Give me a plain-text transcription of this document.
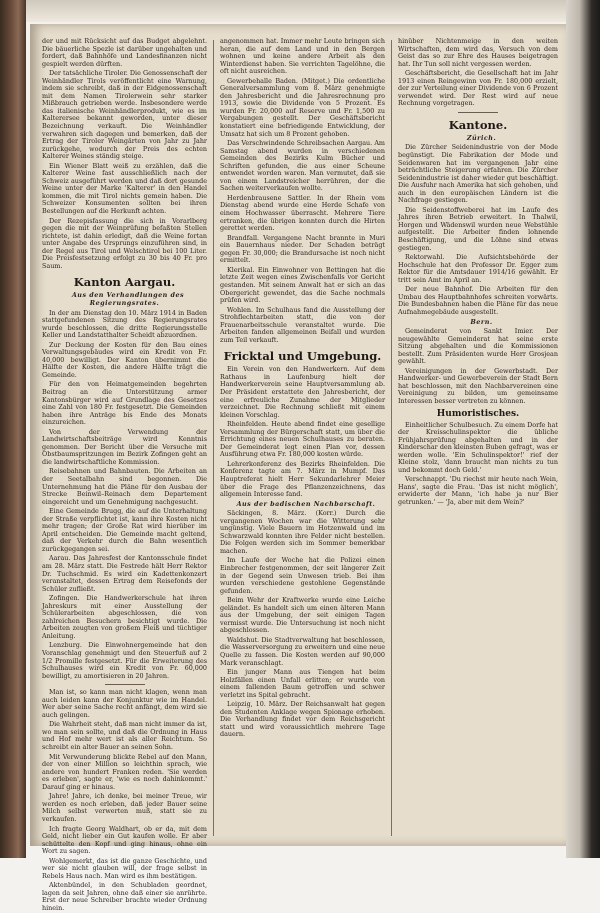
der und mit Rücksicht auf das Budget abgelehnt. Die bäuerliche Spezle ist darüber ungehalten und fordert, daß Bahnhöfe und Landesfinanzen nicht gespielt werden dürften.

Der tatsächliche Tiroler. Die Genossenschaft der Weinhändler Tirols veröffentlicht eine Warnung, indem sie schreibt, daß in der Eidgenossenschaft mit dem Namen Tirolerwein sehr starker Mißbrauch getrieben werde. Insbesondere werde das italienische Weinhändlerprodukt, wie es im Kalterersee bekannt geworden, unter dieser Bezeichnung verkauft. Die Weinhändler verwahren sich dagegen und bemerken, daß der Ertrag der Tiroler Weingärten von Jahr zu Jahr zurückgehe, wodurch der Preis des echten Kalterer Weines ständig steige.

Ein Wiener Blatt weiß zu erzählen, daß die Kalterer Weine fast ausschließlich nach der Schweiz ausgeführt werden und daß dort gesunde Weine unter der Marke 'Kalterer' in den Handel kommen, die mit Tirol nichts gemein haben. Die Schweizer Konsumenten sollten bei ihren Bestellungen auf die Herkunft achten.

Der Rezepisfassung die sich in Vorarlberg gegen die mit der Weinprüfung befaßten Stellen richtete, ist dahin erledigt, daß die Weine fortan unter Angabe des Ursprungs einzuführen sind, in der Regel aus Tirol und Welschtirol bei 100 Liter. Die Preisfestsetzung erfolgt zu 30 bis 40 Fr. pro Saum.

Kanton Aargau.

Aus den Verhandlungen des Regierungsrates.

In der am Dienstag den 10. März 1914 in Baden stattgefundenen Sitzung des Regierungsrates wurde beschlossen, die dritte Regierungsstelle Keller und Landstatthalter Scheidt abzuordnen.

Zur Deckung der Kosten für den Bau eines Verwaltungsgebäudes wird ein Kredit von Fr. 40,000 bewilligt. Der Kanton übernimmt die Hälfte der Kosten, die andere Hälfte trägt die Gemeinde.

Für den von Heimatgemeinden begehrten Beitrag an die Unterstützung armer Kantonsbürger wird auf Grundlage des Gesetzes eine Zahl von 180 Fr. festgesetzt. Die Gemeinden haben ihre Anträge bis Ende des Monats einzureichen.

Von der Verwendung der Landwirtschaftsbeiträge wird Kenntnis genommen. Der Bericht über die Versuche mit Obstbaumspritzungen im Bezirk Zofingen geht an die landwirtschaftliche Kommission.

Reisebahnen und Bahnbauten. Die Arbeiten an der Seetalbahn sind begonnen. Die Unternehmung hat die Pläne für den Ausbau der Strecke Beinwil–Reinach dem Departement eingereicht und um Genehmigung nachgesucht.

Eine Gemeinde Brugg, die auf die Unterhaltung der Straße verpflichtet ist, kann ihre Kosten nicht mehr tragen; der Große Rat wird hierüber im April entscheiden. Die Gemeinde macht geltend, daß der Verkehr durch die Bahn wesentlich zurückgegangen sei.

Aarau. Das Jahresfest der Kantonsschule findet am 28. März statt. Die Festrede hält Herr Rektor Dr. Tuchschmid. Es wird ein Kadettenkonzert veranstaltet, dessen Ertrag dem Reisefonds der Schüler zufließt.

Zofingen. Die Handwerkerschule hat ihren Jahreskurs mit einer Ausstellung der Schülerarbeiten abgeschlossen, die von zahlreichen Besuchern besichtigt wurde. Die Arbeiten zeugten von großem Fleiß und tüchtiger Anleitung.

Lenzburg. Die Einwohnergemeinde hat den Voranschlag genehmigt und den Steuerfuß auf 2 1/2 Promille festgesetzt. Für die Erweiterung des Schulhauses wird ein Kredit von Fr. 60,000 bewilligt, zu amortisieren in 20 Jahren.

Man ist, so kann man nicht klagen, wenn man auch leiden kann der Konjunktur wie im Handel. Wer aber seine Sache recht anfängt, dem wird sie auch gelingen.

Die Wahrheit steht, daß man nicht immer da ist, wo man sein sollte, und daß die Ordnung in Haus und Hof mehr wert ist als aller Reichtum. So schreibt ein alter Bauer an seinen Sohn.

Mit Verwunderung blickte Rebel auf den Mann, der von einer Million so leichthin sprach, wie andere von hundert Franken reden. 'Sie werden es erleben', sagte er, 'wie es noch dahinkommt.' Darauf ging er hinaus.

Jahre! Jahre, ich denke, bei meiner Treue, wir werden es noch erleben, daß jeder Bauer seine Milch selbst verwerten muß, statt sie zu verkaufen.

Ich fragte Georg Waldhart, ob er da, mit dem Geld, nicht lieber ein Gut kaufen wolle. Er aber schüttelte den Kopf und ging hinaus, ohne ein Wort zu sagen.

Wohlgemerkt, das ist die ganze Geschichte, und wer sie nicht glauben will, der frage selbst in Rebels Haus nach. Man wird es ihm bestätigen.

Aktenbündel, in den Schubladen geordnet, lagen da seit Jahren, ohne daß einer sie anrührte. Erst der neue Schreiber brachte wieder Ordnung hinein.

angenommen hat. Immer mehr Leute bringen sich heran, die auf dem Land und in den Bergen wohnen und keine andere Arbeit als den Winterdienst haben. Sie verrichten Tagelöhne, die oft nicht ausreichen.

Gewerbehalle Baden. (Mitget.) Die ordentliche Generalversammlung vom 8. März genehmigte den Jahresbericht und die Jahresrechnung pro 1913, sowie die Dividende von 5 Prozent. Es wurden Fr. 20,000 auf Reserve und Fr. 1,500 zu Vergabungen gestellt. Der Geschäftsbericht konstatiert eine befriedigende Entwicklung, der Umsatz hat sich um 8 Prozent gehoben.

Das Verschwindende Schreibsachen Aargau. Am Samstag abend wurden in verschiedenen Gemeinden des Bezirks Kulm Bücher und Schriften gefunden, die aus einer Scheune entwendet worden waren. Man vermutet, daß sie von einem Landstreicher herrühren, der die Sachen weiterverkaufen wollte.

Herdenbrausene Sattler. In der Rhein vom Dienstag abend wurde eine Herde Schafe von einem Hochwasser überrascht. Mehrere Tiere ertranken, die übrigen konnten durch die Hirten gerettet werden.

Brandfall. Vergangene Nacht brannte in Muri ein Bauernhaus nieder. Der Schaden beträgt gegen Fr. 30,000; die Brandursache ist noch nicht ermittelt.

Klerikal. Ein Einwohner von Bettingen hat die letzte Zeit wegen eines Zwischenfalls vor Gericht gestanden. Mit seinem Anwalt hat er sich an das Obergericht gewendet, das die Sache nochmals prüfen wird.

Wohlen. Im Schulhaus fand die Ausstellung der Strohflechtarbeiten statt, die von der Frauenarbeitsschule veranstaltet wurde. Die Arbeiten fanden allgemeinen Beifall und wurden zum Teil verkauft.

Fricktal und Umgebung.

Ein Verein von den Handwerkern. Auf dem Rathaus in Laufenburg hielt der Handwerkerverein seine Hauptversammlung ab. Der Präsident erstattete den Jahresbericht, der eine erfreuliche Zunahme der Mitglieder verzeichnet. Die Rechnung schließt mit einem kleinen Vorschlag.

Rheinfelden. Heute abend findet eine gesellige Versammlung der Bürgerschaft statt, um über die Errichtung eines neuen Schulhauses zu beraten. Der Gemeinderat legt einen Plan vor, dessen Ausführung etwa Fr. 180,000 kosten würde.

Lehrerkonferenz des Bezirks Rheinfelden. Die Konferenz tagte am 7. März in Mumpf. Das Hauptreferat hielt Herr Sekundarlehrer Meier über die Frage des Pflanzenzeichnens, das allgemein Interesse fand.

Aus der badischen Nachbarschaft.

Säckingen, 8. März. (Korr.) Durch die vergangenen Wochen war die Witterung sehr ungünstig. Viele Bauern im Hotzenwald und im Schwarzwald konnten ihre Felder nicht bestellen. Die Folgen werden sich im Sommer bemerkbar machen.

Im Laufe der Woche hat die Polizei einen Einbrecher festgenommen, der seit längerer Zeit in der Gegend sein Unwesen trieb. Bei ihm wurden verschiedene gestohlene Gegenstände gefunden.

Beim Wehr der Kraftwerke wurde eine Leiche geländet. Es handelt sich um einen älteren Mann aus der Umgebung, der seit einigen Tagen vermisst wurde. Die Untersuchung ist noch nicht abgeschlossen.

Waldshut. Die Stadtverwaltung hat beschlossen, die Wasserversorgung zu erweitern und eine neue Quelle zu fassen. Die Kosten werden auf 90,000 Mark veranschlagt.

Ein junger Mann aus Tiengen hat beim Holzfällen einen Unfall erlitten; er wurde von einem fallenden Baum getroffen und schwer verletzt ins Spital gebracht.

Leipzig, 10. März. Der Reichsanwalt hat gegen den Studenten Anklage wegen Spionage erhoben. Die Verhandlung findet vor dem Reichsgericht statt und wird voraussichtlich mehrere Tage dauern.

hinüber Nichtenmeige in den weiten Wirtschaften, dem wird das, Versuch von dem Geist das so zur Ehre des Hauses beigetragen hat. Ihr Tun soll nicht vergessen werden.

Geschäftsbericht, die Gesellschaft hat im Jahr 1913 einen Reingewinn von Fr. 180,000 erzielt, der zur Verteilung einer Dividende von 6 Prozent verwendet wird. Der Rest wird auf neue Rechnung vorgetragen.

Kantone.

Zürich.

Die Zürcher Seidenindustrie von der Mode begünstigt. Die Fabrikation der Mode und Seidenwaren hat im vergangenen Jahr eine beträchtliche Steigerung erfahren. Die Zürcher Seidenindustrie ist daher wieder gut beschäftigt. Die Ausfuhr nach Amerika hat sich gehoben, und auch in den europäischen Ländern ist die Nachfrage gestiegen.

Die Seidenstoffweberei hat im Laufe des Jahres ihren Betrieb erweitert. In Thalwil, Horgen und Wädenswil wurden neue Webstühle aufgestellt. Die Arbeiter finden lohnende Beschäftigung, und die Löhne sind etwas gestiegen.

Rektorwahl. Die Aufsichtsbehörde der Hochschule hat den Professor Dr. Egger zum Rektor für die Amtsdauer 1914/16 gewählt. Er tritt sein Amt im April an.

Der neue Bahnhof. Die Arbeiten für den Umbau des Hauptbahnhofes schreiten vorwärts. Die Bundesbahnen haben die Pläne für das neue Aufnahmegebäude ausgestellt.

Bern.

Gemeinderat von Sankt Imier. Der neugewählte Gemeinderat hat seine erste Sitzung abgehalten und die Kommissionen bestellt. Zum Präsidenten wurde Herr Grosjean gewählt.

Vereinigungen in der Gewerbstadt. Der Handwerker- und Gewerbeverein der Stadt Bern hat beschlossen, mit den Nachbarvereinen eine Vereinigung zu bilden, um gemeinsame Interessen besser vertreten zu können.

Humoristisches.

Einheitlicher Schulbesuch. Zu einem Dorfe hat der Kreisschulinspektor die übliche Frühjahrsprüfung abgehalten und in der Kinderschar den kleinsten Buben gefragt, was er werden wolle. 'Ein Schulinspektor!' rief der Kleine stolz, 'dann braucht man nichts zu tun und bekommt doch Geld.'

Verschnappt. 'Du riechst mir heute nach Wein, Hans', sagte die Frau. 'Das ist nicht möglich', erwiderte der Mann, 'ich habe ja nur Bier getrunken.' — 'Ja, aber mit dem Wein?'
